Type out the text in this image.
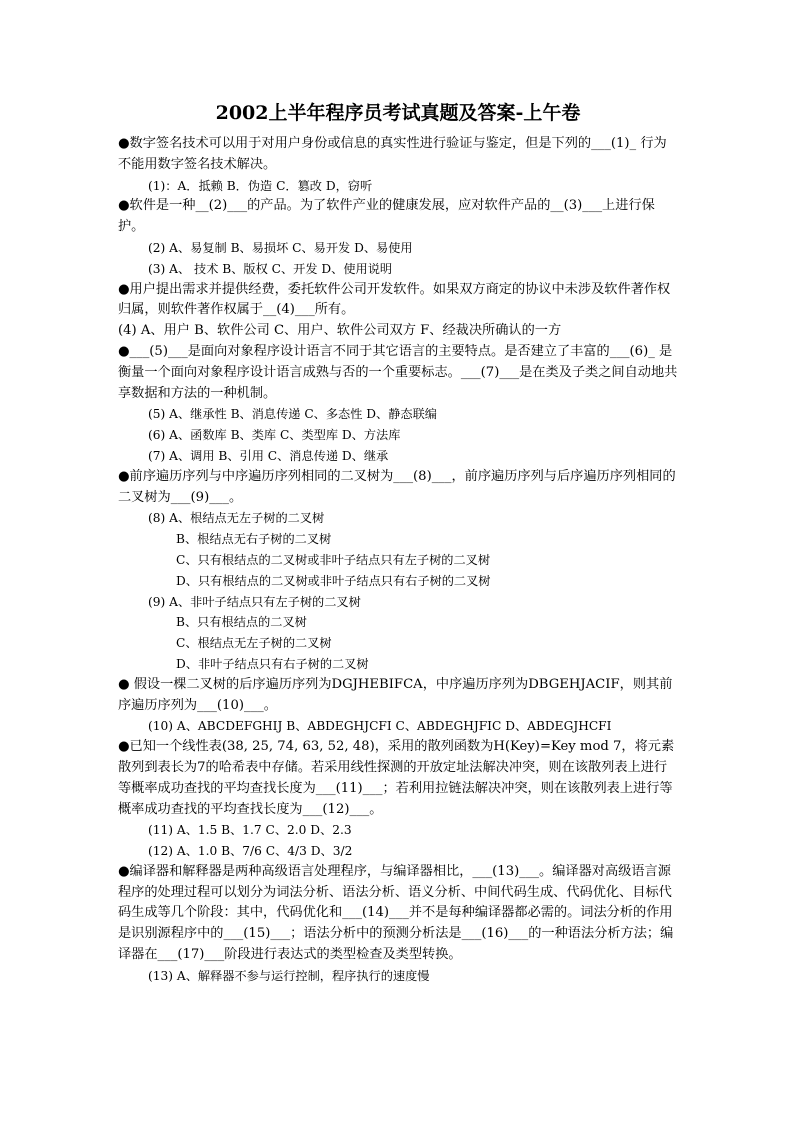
2002上半年程序员考试真题及答案-上午卷
●数字签名技术可以用于对用户身份或信息的真实性进行验证与鉴定，但是下列的___(1)_ 行为不能用数字签名技术解决。
(1)：A．抵赖 B．伪造 C．篡改 D，窃听
●软件是一种__(2)___的产品。为了软件产业的健康发展，应对软件产品的__(3)___上进行保护。
(2) A、易复制 B、易损坏 C、易开发 D、易使用
(3) A、 技术 B、版权 C、开发 D、使用说明
●用户提出需求并提供经费，委托软件公司开发软件。如果双方商定的协议中未涉及软件著作权归属，则软件著作权属于__(4)___所有。
(4) A、用户 B、软件公司 C、用户、软件公司双方 F、经裁决所确认的一方
●___(5)___是面向对象程序设计语言不同于其它语言的主要特点。是否建立了丰富的___(6)_ 是衡量一个面向对象程序设计语言成熟与否的一个重要标志。___(7)___是在类及子类之间自动地共享数据和方法的一种机制。
(5) A、继承性 B、消息传递 C、多态性 D、静态联编
(6) A、函数库 B、类库 C、类型库 D、方法库
(7) A、调用 B、引用 C、消息传递 D、继承
●前序遍历序列与中序遍历序列相同的二叉树为___(8)___，前序遍历序列与后序遍历序列相同的二叉树为___(9)___。
(8) A、根结点无左子树的二叉树
B、根结点无右子树的二叉树
C、只有根结点的二叉树或非叶子结点只有左子树的二叉树
D、只有根结点的二叉树或非叶子结点只有右子树的二叉树
(9) A、非叶子结点只有左子树的二叉树
B、只有根结点的二叉树
C、根结点无左子树的二叉树
D、非叶子结点只有右子树的二叉树
● 假设一棵二叉树的后序遍历序列为DGJHEBIFCA，中序遍历序列为DBGEHJACIF，则其前序遍历序列为___(10)___。
(10) A、ABCDEFGHIJ B、ABDEGHJCFI C、ABDEGHJFIC D、ABDEGJHCFI
●已知一个线性表(38, 25, 74, 63, 52, 48)，采用的散列函数为H(Key)=Key mod 7，将元素散列到表长为7的哈希表中存储。若采用线性探测的开放定址法解决冲突，则在该散列表上进行等概率成功查找的平均查找长度为___(11)___；若利用拉链法解决冲突，则在该散列表上进行等概率成功查找的平均查找长度为___(12)___。
(11) A、1.5 B、1.7 C、2.0 D、2.3
(12) A、1.0 B、7/6 C、4/3 D、3/2
●编译器和解释器是两种高级语言处理程序，与编译器相比，___(13)___。编译器对高级语言源程序的处理过程可以划分为词法分析、语法分析、语义分析、中间代码生成、代码优化、目标代码生成等几个阶段：其中，代码优化和___(14)___并不是每种编译器都必需的。词法分析的作用是识别源程序中的___(15)___；语法分析中的预测分析法是___(16)___的一种语法分析方法；编译器在___(17)___阶段进行表达式的类型检查及类型转换。
(13) A、解释器不参与运行控制，程序执行的速度慢
